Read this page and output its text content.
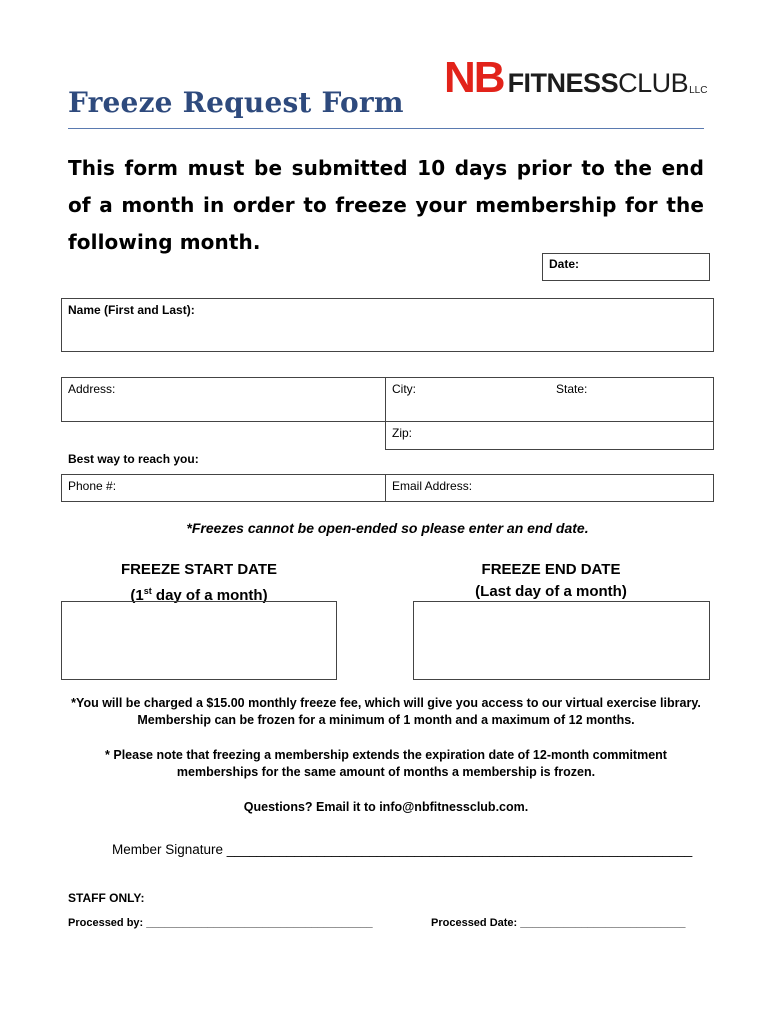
Freeze Request Form
NB FITNESS CLUB LLC
This form must be submitted 10 days prior to the end of a month in order to freeze your membership for the following month.
Date:
Name (First and Last):
Address:	City:	State:
Zip:
Best way to reach you:
Phone #:	Email Address:
*Freezes cannot be open-ended so please enter an end date.
FREEZE START DATE
(1st day of a month)
FREEZE END DATE
(Last day of a month)
*You will be charged a $15.00 monthly freeze fee, which will give you access to our virtual exercise library. Membership can be frozen for a minimum of 1 month and a maximum of 12 months.
* Please note that freezing a membership extends the expiration date of 12-month commitment memberships for the same amount of months a membership is frozen.
Questions? Email it to info@nbfitnessclub.com.
Member Signature ______________________________________________________________
STAFF ONLY:
Processed by: _____________________________________	Processed Date: ___________________________
